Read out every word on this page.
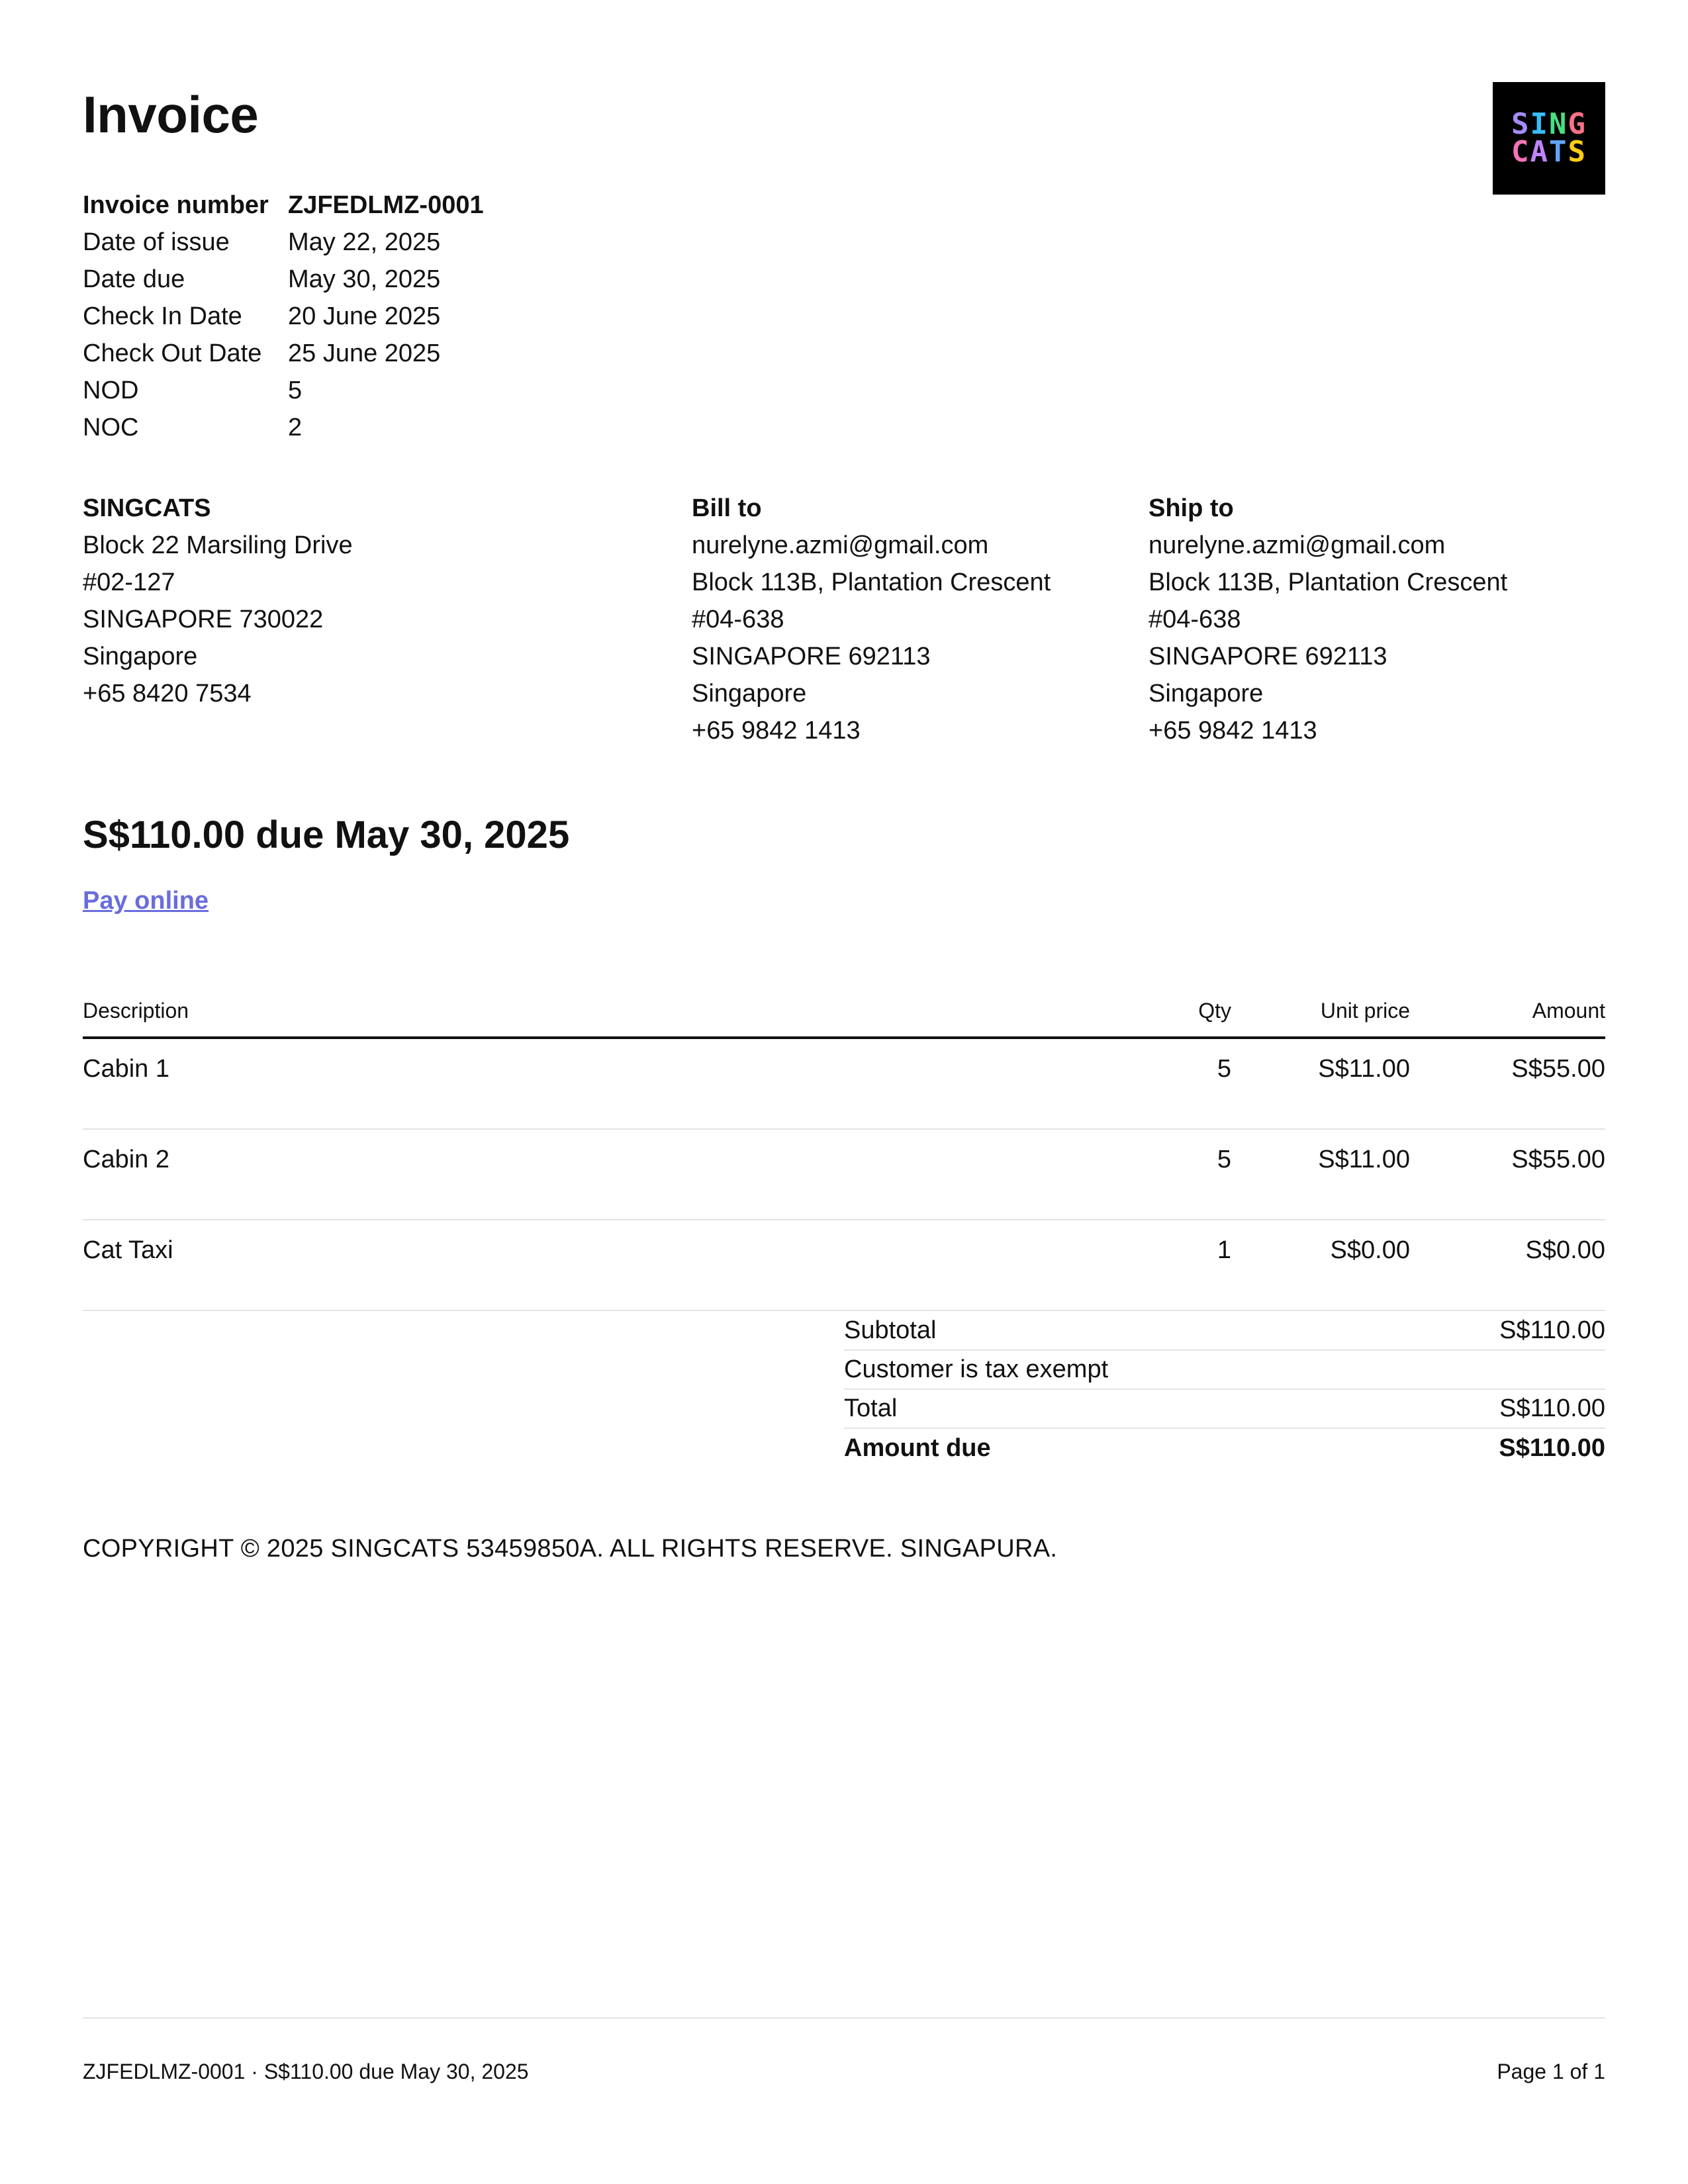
Invoice	SING
CATS
Invoice number ZJFEDLMZ-0001
Date of issue	May 22, 2025
Date due	May 30, 2025
Check In Date	20 June 2025
Check Out Date	25 June 2025
NOD	5
NOC	2
SINGCATS
Block 22 Marsiling Drive
#02-127
SINGAPORE 730022
Singapore
+65 8420 7534
Bill to
nurelyne.azmi@gmail.com
Block 113B, Plantation Crescent
#04-638
SINGAPORE 692113
Singapore
+65 9842 1413
Ship to
nurelyne.azmi@gmail.com
Block 113B, Plantation Crescent
#04-638
SINGAPORE 692113
Singapore
+65 9842 1413
S$110.00 due May 30, 2025
Pay online
Description	Qty	Unit price	Amount
Cabin 1	5	S$11.00	S$55.00
Cabin 2	5	S$11.00	S$55.00
Cat Taxi	1	S$0.00	S$0.00
Subtotal	S$110.00
Customer is tax exempt
Total	S$110.00
Amount due	S$110.00
COPYRIGHT © 2025 SINGCATS 53459850A. ALL RIGHTS RESERVE. SINGAPURA.
ZJFEDLMZ-0001 · S$110.00 due May 30, 2025	Page 1 of 1
